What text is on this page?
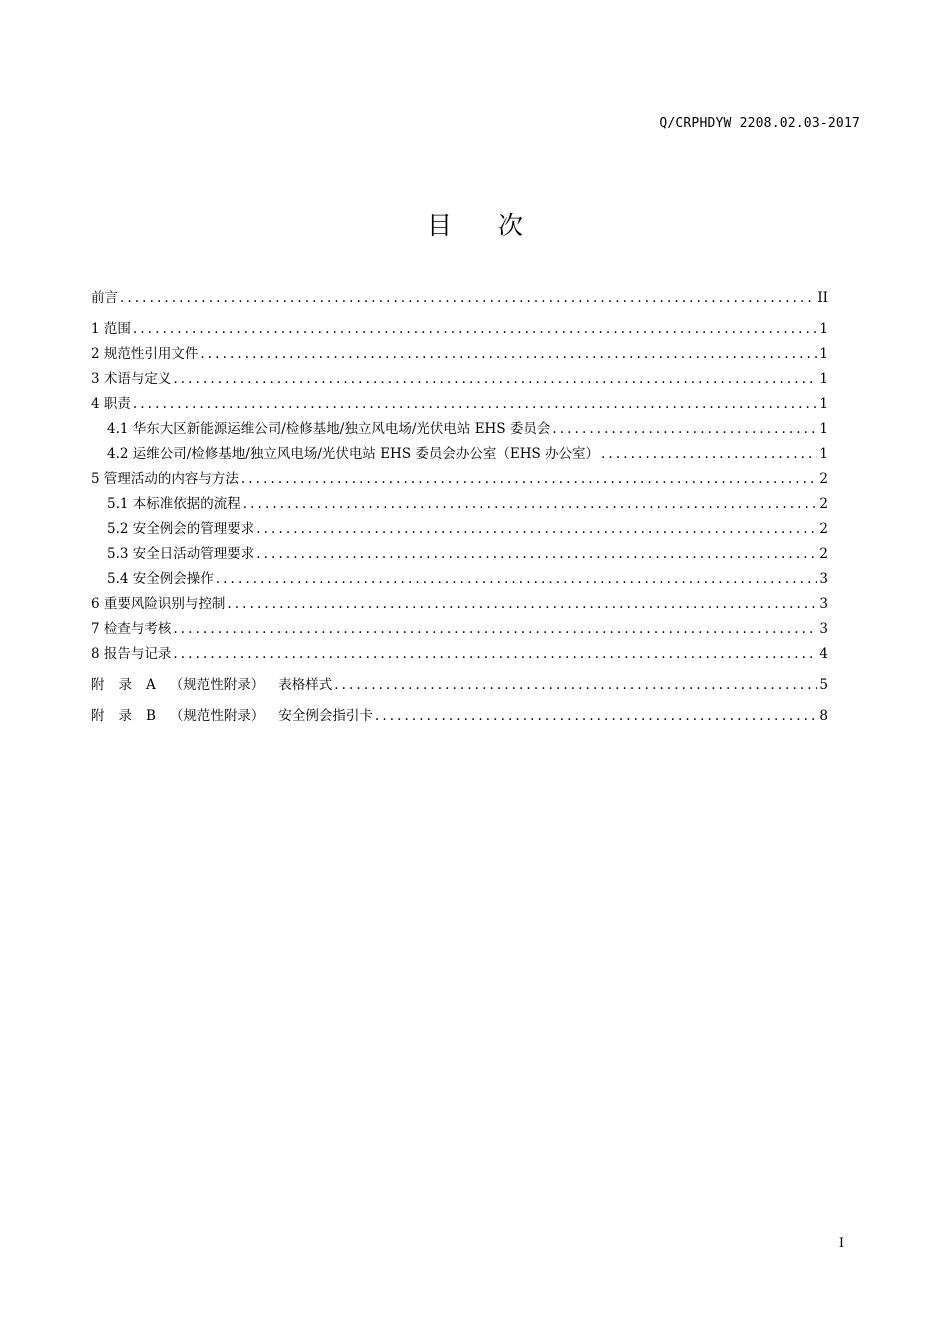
Q/CRPHDYW 2208.02.03-2017
目 次
前言 .....	II
1 范围 .....	1
2 规范性引用文件 .....	1
3 术语与定义 .....	1
4 职责 .....	1
4.1 华东大区新能源运维公司/检修基地/独立风电场/光伏电站 EHS 委员会 .....	1
4.2 运维公司/检修基地/独立风电场/光伏电站 EHS 委员会办公室（EHS 办公室） .....	1
5 管理活动的内容与方法 .....	2
5.1 本标准依据的流程 .....	2
5.2 安全例会的管理要求 .....	2
5.3 安全日活动管理要求 .....	2
5.4 安全例会操作 .....	3
6 重要风险识别与控制 .....	3
7 检查与考核 .....	3
8 报告与记录 .....	4
附 录 A （规范性附录） 表格样式 .....	5
附 录 B （规范性附录） 安全例会指引卡 .....	8
I
